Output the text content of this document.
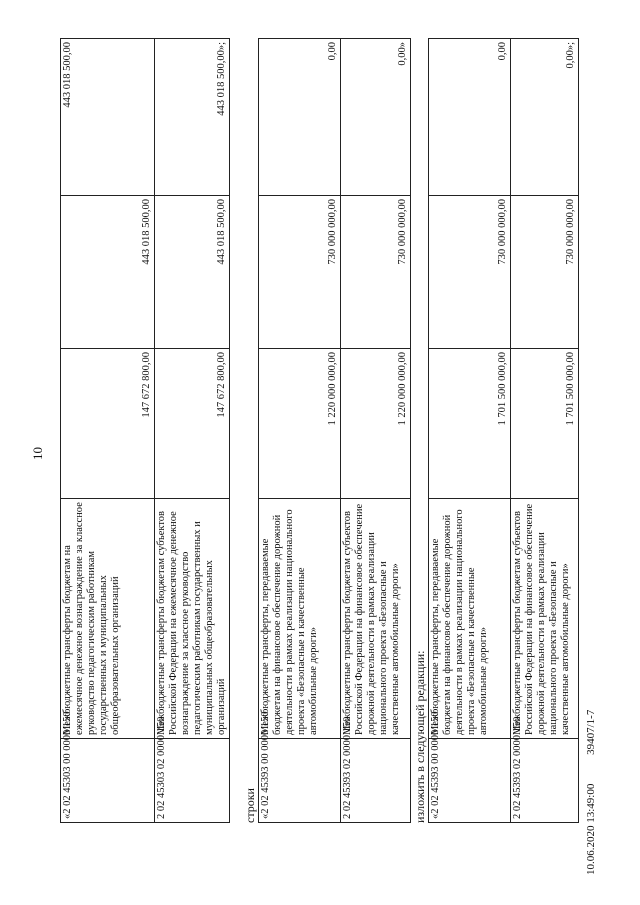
10
«2 02 45303 00 0000 150	Межбюджетные трансферты бюджетам на ежемесячное денежное вознаграждение за классное руководство педагогическим работникам государственных и муниципальных общеобразовательных организаций	147 672 800,00	443 018 500,00	443 018 500,00
2 02 45303 02 0000 150	Межбюджетные трансферты бюджетам субъектов Российской Федерации на ежемесячное денежное вознаграждение за классное руководство педагогическим работникам государственных и муниципальных общеобразовательных организаций	147 672 800,00	443 018 500,00	443 018 500,00»;
строки «2 02 45393 00 0000 150	Межбюджетные трансферты, передаваемые бюджетам на финансовое обеспечение дорожной деятельности в рамках реализации национального проекта «Безопасные и качественные автомобильные дороги»	1 220 000 000,00	730 000 000,00	0,00
2 02 45393 02 0000 150	Межбюджетные трансферты бюджетам субъектов Российской Федерации на финансовое обеспечение дорожной деятельности в рамках реализации национального проекта «Безопасные и качественные автомобильные дороги»	1 220 000 000,00	730 000 000,00	0,00»
изложить в следующей редакции: «2 02 45393 00 0000 150	Межбюджетные трансферты, передаваемые бюджетам на финансовое обеспечение дорожной деятельности в рамках реализации национального проекта «Безопасные и качественные автомобильные дороги»	1 701 500 000,00	730 000 000,00	0,00
2 02 45393 02 0000 150	Межбюджетные трансферты бюджетам субъектов Российской Федерации на финансовое обеспечение дорожной деятельности в рамках реализации национального проекта «Безопасные и качественные автомобильные дороги»	1 701 500 000,00	730 000 000,00	0,00»;
10.06.2020 13:49:00 39407/1-7
